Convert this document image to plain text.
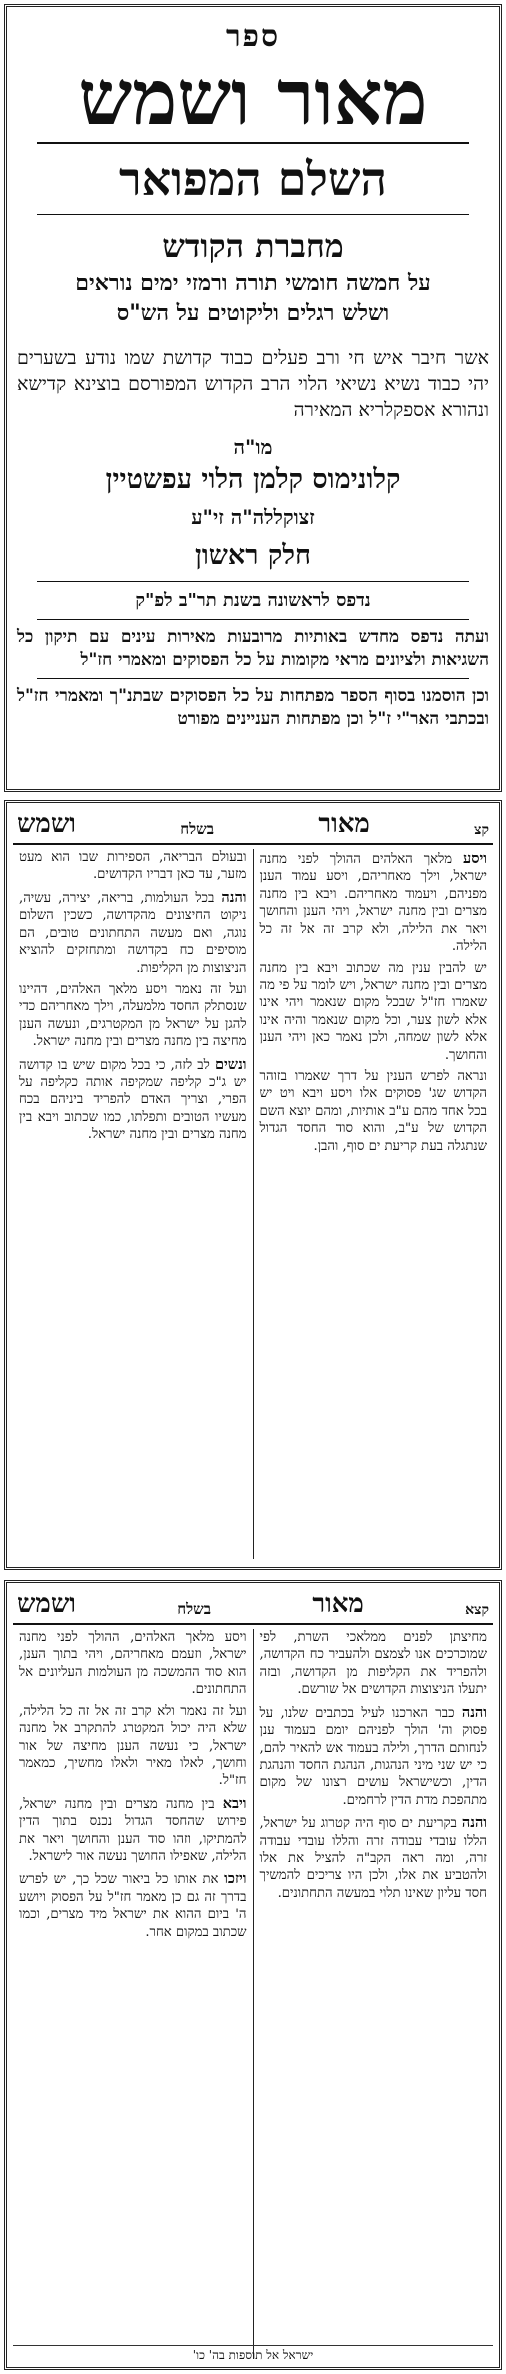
ספר
מאור ושמש
השלם המפואר
מחברת הקודש
על חמשה חומשי תורה ורמזי ימים נוראים
ושלש רגלים וליקוטים על הש"ס
אשר חיבר איש חי ורב פעלים כבוד קדושת שמו נודע בשערים יהי כבוד נשיא נשיאי הלוי הרב הקדוש המפורסם בוצינא קדישא ונהורא אספקלריא המאירה
מו"ה
קלונימוס קלמן הלוי עפשטיין
זצוקללה"ה זי"ע
חלק ראשון
נדפס לראשונה בשנת תר"ב לפ"ק
ועתה נדפס מחדש באותיות מרובעות מאירות עינים עם תיקון כל השגיאות ולציונים מראי מקומות על כל הפסוקים ומאמרי חז"ל
וכן הוסמנו בסוף הספר מפתחות על כל הפסוקים שבתנ"ך ומאמרי חז"ל ובכתבי האר"י ז"ל וכן מפתחות העניינים מפורט
קצ
מאור
בשלח
ושמש

ויסע מלאך האלהים ההולך לפני מחנה ישראל, וילך מאחריהם, ויסע עמוד הענן מפניהם, ויעמוד מאחריהם. ויבא בין מחנה מצרים ובין מחנה ישראל, ויהי הענן והחושך ויאר את הלילה, ולא קרב זה אל זה כל הלילה.

יש להבין ענין מה שכתוב ויבא בין מחנה מצרים ובין מחנה ישראל, ויש לומר על פי מה שאמרו חז"ל שבכל מקום שנאמר ויהי אינו אלא לשון צער, וכל מקום שנאמר והיה אינו אלא לשון שמחה, ולכן נאמר כאן ויהי הענן והחושך.

ונראה לפרש הענין על דרך שאמרו בזוהר הקדוש שג' פסוקים אלו ויסע ויבא ויט יש בכל אחד מהם ע"ב אותיות, ומהם יוצא השם הקדוש של ע"ב, והוא סוד החסד הגדול שנתגלה בעת קריעת ים סוף, והבן.

ובעולם הבריאה, הספירות שבו הוא מעט מזער, עד כאן דבריו הקדושים.

והנה בכל העולמות, בריאה, יצירה, עשיה, ניקוט החיצונים מהקדושה, כשכין השלום נוגה, ואם מעשה התחתונים טובים, הם מוסיפים כח בקדושה ומתחזקים להוציא הניצוצות מן הקליפות.

ועל זה נאמר ויסע מלאך האלהים, דהיינו שנסתלק החסד מלמעלה, וילך מאחריהם כדי להגן על ישראל מן המקטרגים, ונעשה הענן מחיצה בין מחנה מצרים ובין מחנה ישראל.

ונשים לב לזה, כי בכל מקום שיש בו קדושה יש ג"כ קליפה שמקיפה אותה כקליפה על הפרי, וצריך האדם להפריד ביניהם בכח מעשיו הטובים ותפלתו, כמו שכתוב ויבא בין מחנה מצרים ובין מחנה ישראל.

קצא
מאור
בשלח
ושמש

מחיצתן לפנים ממלאכי השרת, לפי שמוכרכים אנו לצמצם ולהעביר כח הקדושה, ולהפריד את הקליפות מן הקדושה, ובזה יתעלו הניצוצות הקדושים אל שורשם.

והנה כבר הארכנו לעיל בכתבים שלנו, על פסוק וה' הולך לפניהם יומם בעמוד ענן לנחותם הדרך, ולילה בעמוד אש להאיר להם, כי יש שני מיני הנהגות, הנהגת החסד והנהגת הדין, וכשישראל עושים רצונו של מקום מתהפכת מדת הדין לרחמים.

והנה בקריעת ים סוף היה קטרוג על ישראל, הללו עובדי עבודה זרה והללו עובדי עבודה זרה, ומה ראה הקב"ה להציל את אלו ולהטביע את אלו, ולכן היו צריכים להמשיך חסד עליון שאינו תלוי במעשה התחתונים.

ויסע מלאך האלהים, ההולך לפני מחנה ישראל, וזעמם מאחריהם, ויהי בתוך הענן, הוא סוד ההמשכה מן העולמות העליונים אל התחתונים.

ועל זה נאמר ולא קרב זה אל זה כל הלילה, שלא היה יכול המקטרג להתקרב אל מחנה ישראל, כי נעשה הענן מחיצה של אור וחושך, לאלו מאיר ולאלו מחשיך, כמאמר חז"ל.

ויבא בין מחנה מצרים ובין מחנה ישראל, פירוש שהחסד הגדול נכנס בתוך הדין להמתיקו, וזהו סוד הענן והחושך ויאר את הלילה, שאפילו החושך נעשה אור לישראל.

ויזכו את אותו כל ביאור שכל כך, יש לפרש בדרך זה גם כן מאמר חז"ל על הפסוק ויושע ה' ביום ההוא את ישראל מיד מצרים, וכמו שכתוב במקום אחר.

ישראל אל תוספות בה' כו'
